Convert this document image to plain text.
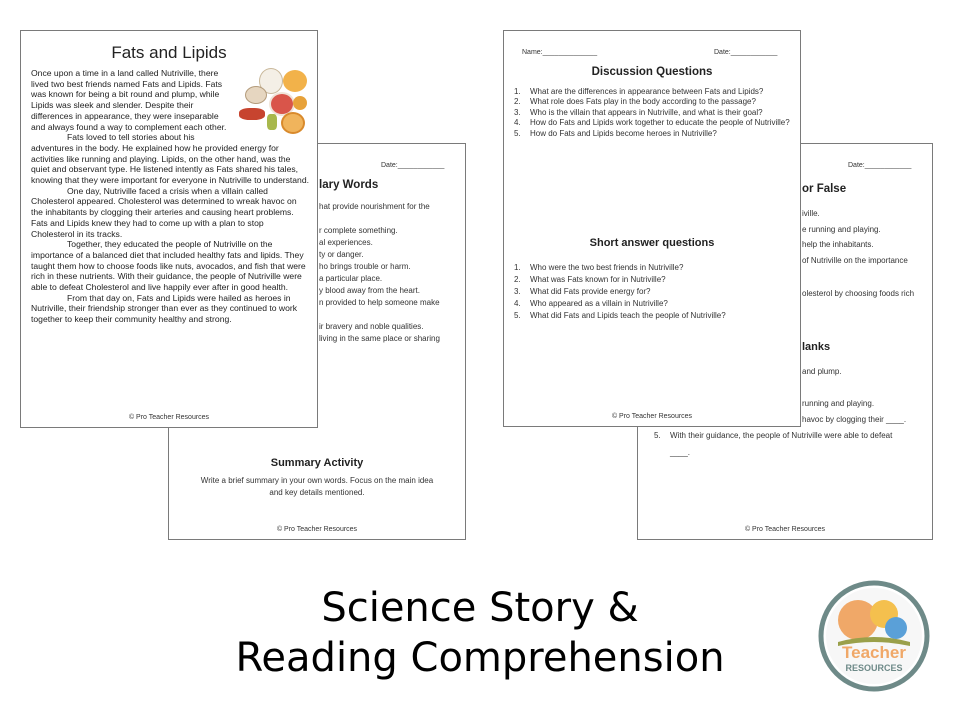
Fats and Lipids

Once upon a time in a land called Nutriville, there lived two best friends named Fats and Lipids. Fats was known for being a bit round and plump, while Lipids was sleek and slender. Despite their differences in appearance, they were inseparable and always found a way to complement each other.

Fats loved to tell stories about his adventures in the body. He explained how he provided energy for activities like running and playing. Lipids, on the other hand, was the quiet and observant type. He listened intently as Fats shared his tales, knowing that they were important for everyone in Nutriville to understand.

One day, Nutriville faced a crisis when a villain called Cholesterol appeared. Cholesterol was determined to wreak havoc on the inhabitants by clogging their arteries and causing heart problems. Fats and Lipids knew they had to come up with a plan to stop Cholesterol in its tracks.

Together, they educated the people of Nutriville on the importance of a balanced diet that included healthy fats and lipids. They taught them how to choose foods like nuts, avocados, and fish that were rich in these nutrients. With their guidance, the people of Nutriville were able to defeat Cholesterol and live happily ever after in good health.

From that day on, Fats and Lipids were hailed as heroes in Nutriville, their friendship stronger than ever as they continued to work together to keep their community healthy and strong.

© Pro Teacher Resources
Date:____________
lary Words
hat provide nourishment for the
r complete something.
al experiences.
ty or danger.
ho brings trouble or harm.
a particular place.
y blood away from the heart.
n provided to help someone make
ir bravery and noble qualities.
living in the same place or sharing
Summary Activity
Write a brief summary in your own words. Focus on the main idea and key details mentioned.
© Pro Teacher Resources
Name:______________	Date:____________
Discussion Questions
1. What are the differences in appearance between Fats and Lipids?
2. What role does Fats play in the body according to the passage?
3. Who is the villain that appears in Nutriville, and what is their goal?
4. How do Fats and Lipids work together to educate the people of Nutriville?
5. How do Fats and Lipids become heroes in Nutriville?
Short answer questions
1. Who were the two best friends in Nutriville?
2. What was Fats known for in Nutriville?
3. What did Fats provide energy for?
4. Who appeared as a villain in Nutriville?
5. What did Fats and Lipids teach the people of Nutriville?
© Pro Teacher Resources
Date:____________
or False
iville.
e running and playing.
help the inhabitants.
of Nutriville on the importance
olesterol by choosing foods rich
lanks
and plump.
running and playing.
havoc by clogging their ____.
5. With their guidance, the people of Nutriville were able to defeat
____.
© Pro Teacher Resources
Science Story &
Reading Comprehension	Teacher
RESOURCES
